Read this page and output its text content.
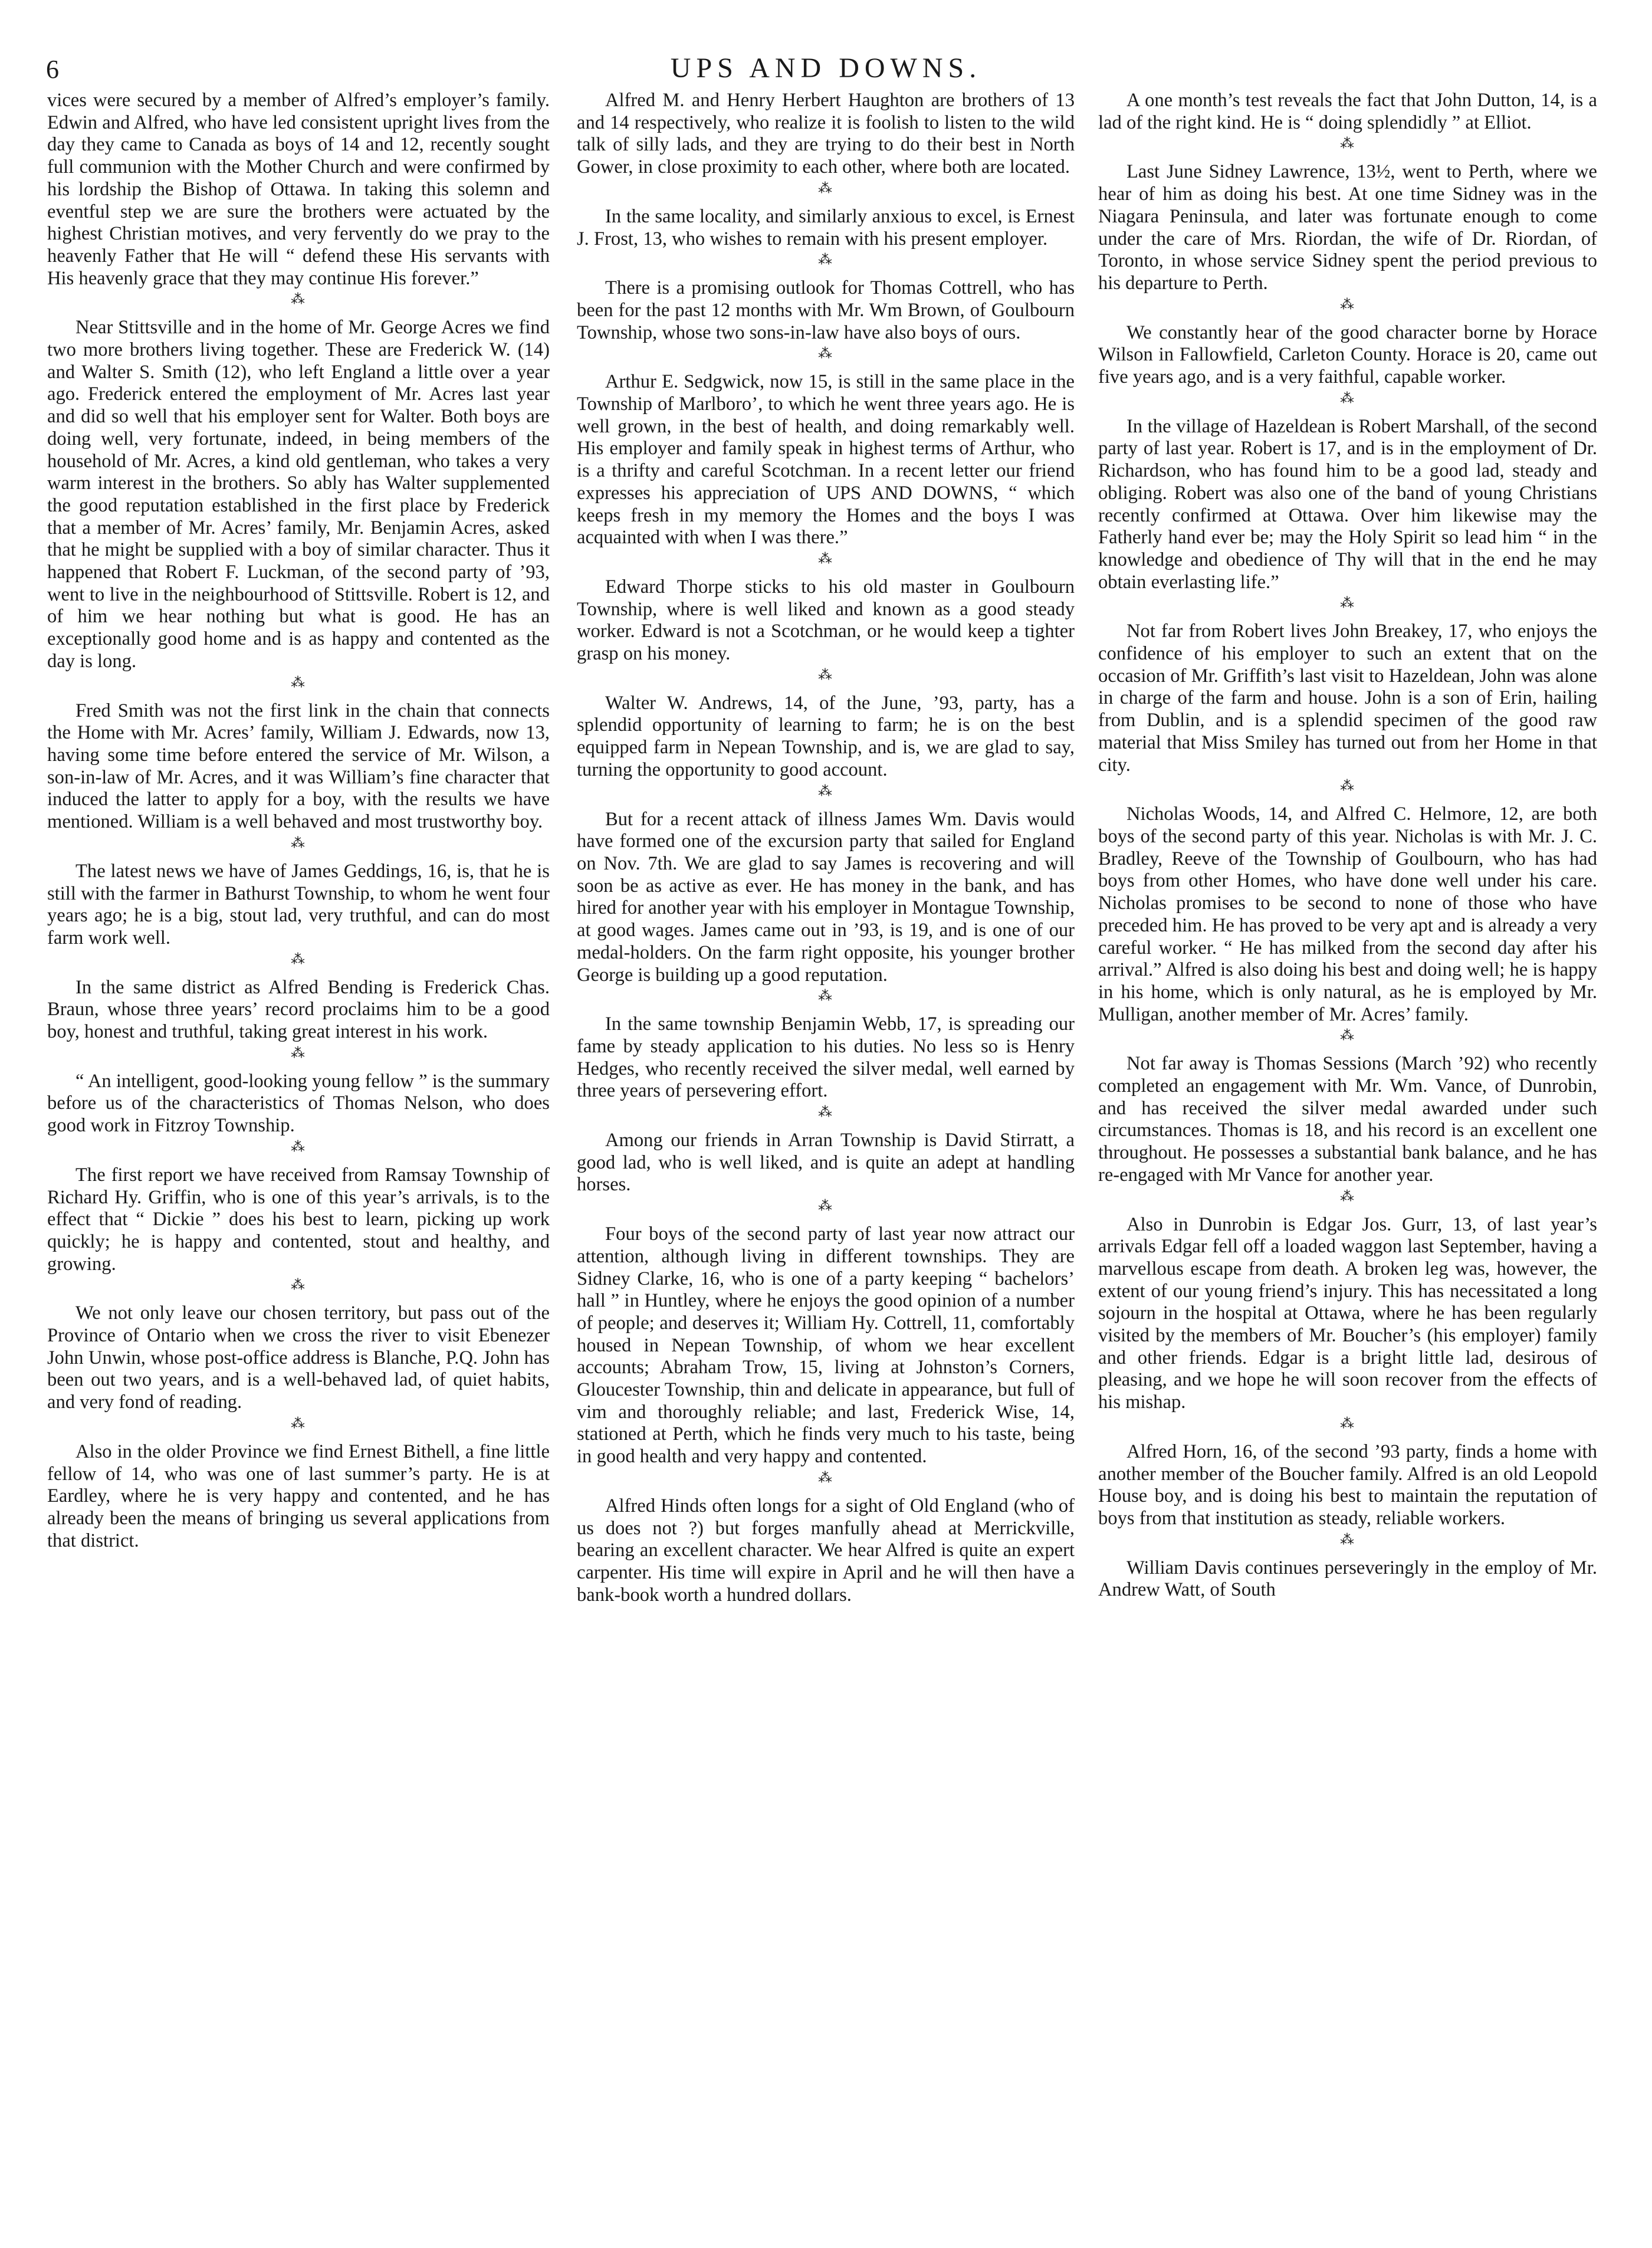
6	UPS AND DOWNS.

vices were secured by a member of Alfred’s employer’s family. Edwin and Alfred, who have led consistent upright lives from the day they came to Canada as boys of 14 and 12, recently sought full communion with the Mother Church and were confirmed by his lordship the Bishop of Ottawa. In taking this solemn and eventful step we are sure the brothers were actuated by the highest Christian motives, and very fervently do we pray to the heavenly Father that He will “ defend these His servants with His heavenly grace that they may continue His forever.”

⁂

Near Stittsville and in the home of Mr. George Acres we find two more brothers living together. These are Frederick W. (14) and Walter S. Smith (12), who left England a little over a year ago. Frederick entered the employment of Mr. Acres last year and did so well that his employer sent for Walter. Both boys are doing well, very fortunate, indeed, in being members of the household of Mr. Acres, a kind old gentleman, who takes a very warm interest in the brothers. So ably has Walter supplemented the good reputation established in the first place by Frederick that a member of Mr. Acres’ family, Mr. Benjamin Acres, asked that he might be supplied with a boy of similar character. Thus it happened that Robert F. Luckman, of the second party of ’93, went to live in the neighbourhood of Stittsville. Robert is 12, and of him we hear nothing but what is good. He has an exceptionally good home and is as happy and contented as the day is long.

⁂

Fred Smith was not the first link in the chain that connects the Home with Mr. Acres’ family, William J. Edwards, now 13, having some time before entered the service of Mr. Wilson, a son-in-law of Mr. Acres, and it was William’s fine character that induced the latter to apply for a boy, with the results we have mentioned. William is a well behaved and most trustworthy boy.

⁂

The latest news we have of James Geddings, 16, is, that he is still with the farmer in Bathurst Township, to whom he went four years ago; he is a big, stout lad, very truthful, and can do most farm work well.

⁂

In the same district as Alfred Bending is Frederick Chas. Braun, whose three years’ record proclaims him to be a good boy, honest and truthful, taking great interest in his work.

⁂

“ An intelligent, good-looking young fellow ” is the summary before us of the characteristics of Thomas Nelson, who does good work in Fitzroy Township.

⁂

The first report we have received from Ramsay Township of Richard Hy. Griffin, who is one of this year’s arrivals, is to the effect that “ Dickie ” does his best to learn, picking up work quickly; he is happy and contented, stout and healthy, and growing.

⁂

We not only leave our chosen territory, but pass out of the Province of Ontario when we cross the river to visit Ebenezer John Unwin, whose post-office address is Blanche, P.Q. John has been out two years, and is a well-behaved lad, of quiet habits, and very fond of reading.

⁂

Also in the older Province we find Ernest Bithell, a fine little fellow of 14, who was one of last summer’s party. He is at Eardley, where he is very happy and contented, and he has already been the means of bringing us several applications from that district.

Alfred M. and Henry Herbert Haughton are brothers of 13 and 14 respectively, who realize it is foolish to listen to the wild talk of silly lads, and they are trying to do their best in North Gower, in close proximity to each other, where both are located.

⁂

In the same locality, and similarly anxious to excel, is Ernest J. Frost, 13, who wishes to remain with his present employer.

⁂

There is a promising outlook for Thomas Cottrell, who has been for the past 12 months with Mr. Wm Brown, of Goulbourn Township, whose two sons-in-law have also boys of ours.

⁂

Arthur E. Sedgwick, now 15, is still in the same place in the Township of Marlboro’, to which he went three years ago. He is well grown, in the best of health, and doing remarkably well. His employer and family speak in highest terms of Arthur, who is a thrifty and careful Scotchman. In a recent letter our friend expresses his appreciation of UPS AND DOWNS, “ which keeps fresh in my memory the Homes and the boys I was acquainted with when I was there.”

⁂

Edward Thorpe sticks to his old master in Goulbourn Township, where is well liked and known as a good steady worker. Edward is not a Scotchman, or he would keep a tighter grasp on his money.

⁂

Walter W. Andrews, 14, of the June, ’93, party, has a splendid opportunity of learning to farm; he is on the best equipped farm in Nepean Township, and is, we are glad to say, turning the opportunity to good account.

⁂

But for a recent attack of illness James Wm. Davis would have formed one of the excursion party that sailed for England on Nov. 7th. We are glad to say James is recovering and will soon be as active as ever. He has money in the bank, and has hired for another year with his employer in Montague Township, at good wages. James came out in ’93, is 19, and is one of our medal-holders. On the farm right opposite, his younger brother George is building up a good reputation.

⁂

In the same township Benjamin Webb, 17, is spreading our fame by steady application to his duties. No less so is Henry Hedges, who recently received the silver medal, well earned by three years of persevering effort.

⁂

Among our friends in Arran Township is David Stirratt, a good lad, who is well liked, and is quite an adept at handling horses.

⁂

Four boys of the second party of last year now attract our attention, although living in different townships. They are Sidney Clarke, 16, who is one of a party keeping “ bachelors’ hall ” in Huntley, where he enjoys the good opinion of a number of people; and deserves it; William Hy. Cottrell, 11, comfortably housed in Nepean Township, of whom we hear excellent accounts; Abraham Trow, 15, living at Johnston’s Corners, Gloucester Township, thin and delicate in appearance, but full of vim and thoroughly reliable; and last, Frederick Wise, 14, stationed at Perth, which he finds very much to his taste, being in good health and very happy and contented.

⁂

Alfred Hinds often longs for a sight of Old England (who of us does not ?) but forges manfully ahead at Merrickville, bearing an excellent character. We hear Alfred is quite an expert carpenter. His time will expire in April and he will then have a bank-book worth a hundred dollars.

A one month’s test reveals the fact that John Dutton, 14, is a lad of the right kind. He is “ doing splendidly ” at Elliot.

⁂

Last June Sidney Lawrence, 13½, went to Perth, where we hear of him as doing his best. At one time Sidney was in the Niagara Peninsula, and later was fortunate enough to come under the care of Mrs. Riordan, the wife of Dr. Riordan, of Toronto, in whose service Sidney spent the period previous to his departure to Perth.

⁂

We constantly hear of the good character borne by Horace Wilson in Fallowfield, Carleton County. Horace is 20, came out five years ago, and is a very faithful, capable worker.

⁂

In the village of Hazeldean is Robert Marshall, of the second party of last year. Robert is 17, and is in the employment of Dr. Richardson, who has found him to be a good lad, steady and obliging. Robert was also one of the band of young Christians recently confirmed at Ottawa. Over him likewise may the Fatherly hand ever be; may the Holy Spirit so lead him “ in the knowledge and obedience of Thy will that in the end he may obtain everlasting life.”

⁂

Not far from Robert lives John Breakey, 17, who enjoys the confidence of his employer to such an extent that on the occasion of Mr. Griffith’s last visit to Hazeldean, John was alone in charge of the farm and house. John is a son of Erin, hailing from Dublin, and is a splendid specimen of the good raw material that Miss Smiley has turned out from her Home in that city.

⁂

Nicholas Woods, 14, and Alfred C. Helmore, 12, are both boys of the second party of this year. Nicholas is with Mr. J. C. Bradley, Reeve of the Township of Goulbourn, who has had boys from other Homes, who have done well under his care. Nicholas promises to be second to none of those who have preceded him. He has proved to be very apt and is already a very careful worker. “ He has milked from the second day after his arrival.” Alfred is also doing his best and doing well; he is happy in his home, which is only natural, as he is employed by Mr. Mulligan, another member of Mr. Acres’ family.

⁂

Not far away is Thomas Sessions (March ’92) who recently completed an engagement with Mr. Wm. Vance, of Dunrobin, and has received the silver medal awarded under such circumstances. Thomas is 18, and his record is an excellent one throughout. He possesses a substantial bank balance, and he has re-engaged with Mr Vance for another year.

⁂

Also in Dunrobin is Edgar Jos. Gurr, 13, of last year’s arrivals Edgar fell off a loaded waggon last September, having a marvellous escape from death. A broken leg was, however, the extent of our young friend’s injury. This has necessitated a long sojourn in the hospital at Ottawa, where he has been regularly visited by the members of Mr. Boucher’s (his employer) family and other friends. Edgar is a bright little lad, desirous of pleasing, and we hope he will soon recover from the effects of his mishap.

⁂

Alfred Horn, 16, of the second ’93 party, finds a home with another member of the Boucher family. Alfred is an old Leopold House boy, and is doing his best to maintain the reputation of boys from that institution as steady, reliable workers.

⁂

William Davis continues perseveringly in the employ of Mr. Andrew Watt, of South
